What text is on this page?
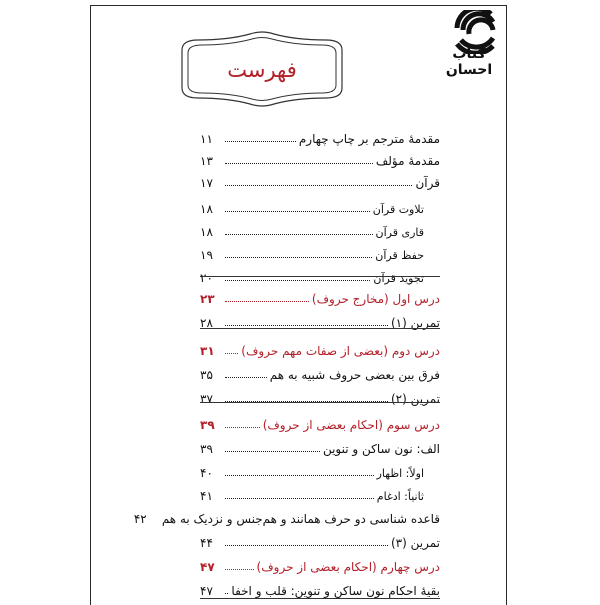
کتاب
احسان
فهرست
مقدمهٔ مترجم بر چاپ چهارم
۱۱
مقدمهٔ مؤلف
۱۳
قرآن
۱۷
تلاوت قرآن
۱۸
قاری قرآن
۱۸
حفظ قرآن
۱۹
تجوید قرآن
۲۰
درس اول (مخارج حروف)
۲۳
تمرین (۱)
۲۸
درس دوم (بعضی از صفات مهم حروف)
۳۱
فرق بین بعضی حروف شبیه به هم
۳۵
تمرین (۲)
۳۷
درس سوم (احکام بعضی از حروف)
۳۹
الف: نون ساکن و تنوین
۳۹
اولاً: اظهار
۴۰
ثانیاً: ادغام
۴۱
قاعده شناسی دو حرف همانند و هم‌جنس و نزدیک به هم
۴۲
تمرین (۳)
۴۴
درس چهارم (احکام بعضی از حروف)
۴۷
بقیهٔ احکام نون ساکن و تنوین: قلب و اخفا
۴۷
